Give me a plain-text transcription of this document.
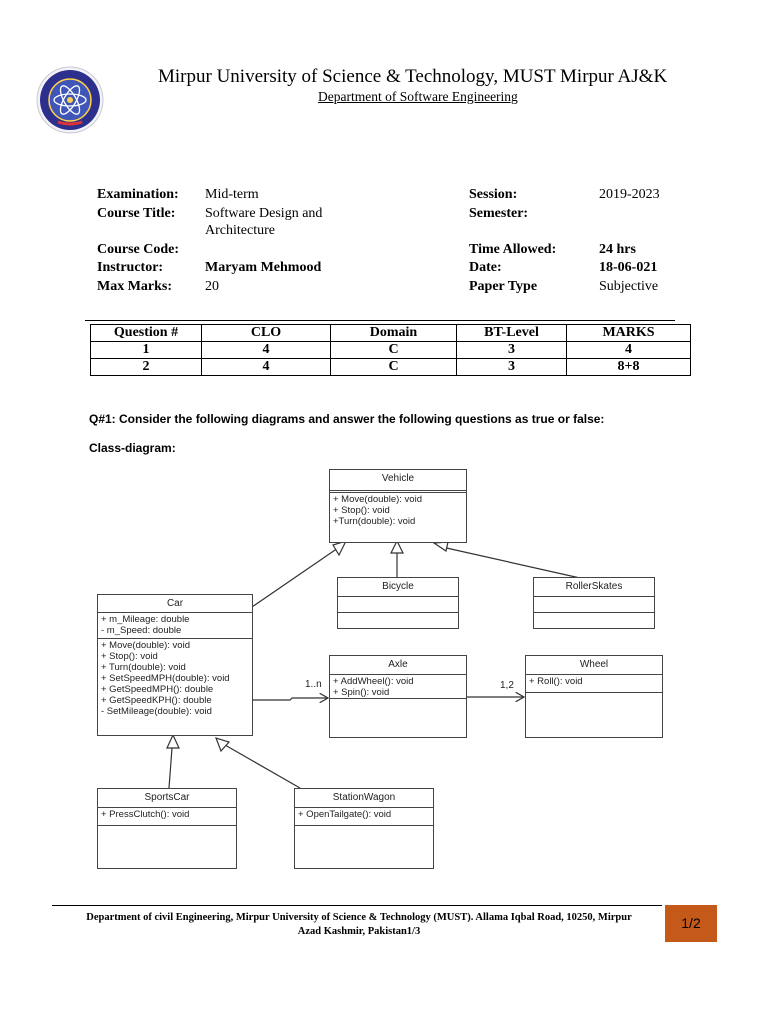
Mirpur University of Science & Technology, MUST Mirpur AJ&K
Department of Software Engineering
Examination: Mid-term
Course Title: Software Design and
Architecture
Course Code:
Instructor:	Maryam Mehmood
Max Marks: 20
Session:	2019-2023
Semester:
Time Allowed:	24 hrs
Date:	18-06-021
Paper Type	Subjective
Question #	CLO	Domain	BT-Level	MARKS
1	4	C	3	4
2	4	C	3	8+8
Q#1: Consider the following diagrams and answer the following questions as true or false:
Class-diagram:
1..n	1,2
Vehicle
+ Move(double): void
+ Stop(): void
+Turn(double): void
Bicycle	RollerSkates
Car
+ m_Mileage: double
- m_Speed: double
+ Move(double): void
+ Stop(): void
+ Turn(double): void
+ SetSpeedMPH(double): void
+ GetSpeedMPH(): double
+ GetSpeedKPH(): double
- SetMileage(double): void
Axle
+ AddWheel(): void
+ Spin(): void
Wheel
+ Roll(): void
SportsCar
+ PressClutch(): void
StationWagon
+ OpenTailgate(): void
Department of civil Engineering, Mirpur University of Science & Technology (MUST). Allama Iqbal Road, 10250, Mirpur
Azad Kashmir, Pakistan1/3
1/2
